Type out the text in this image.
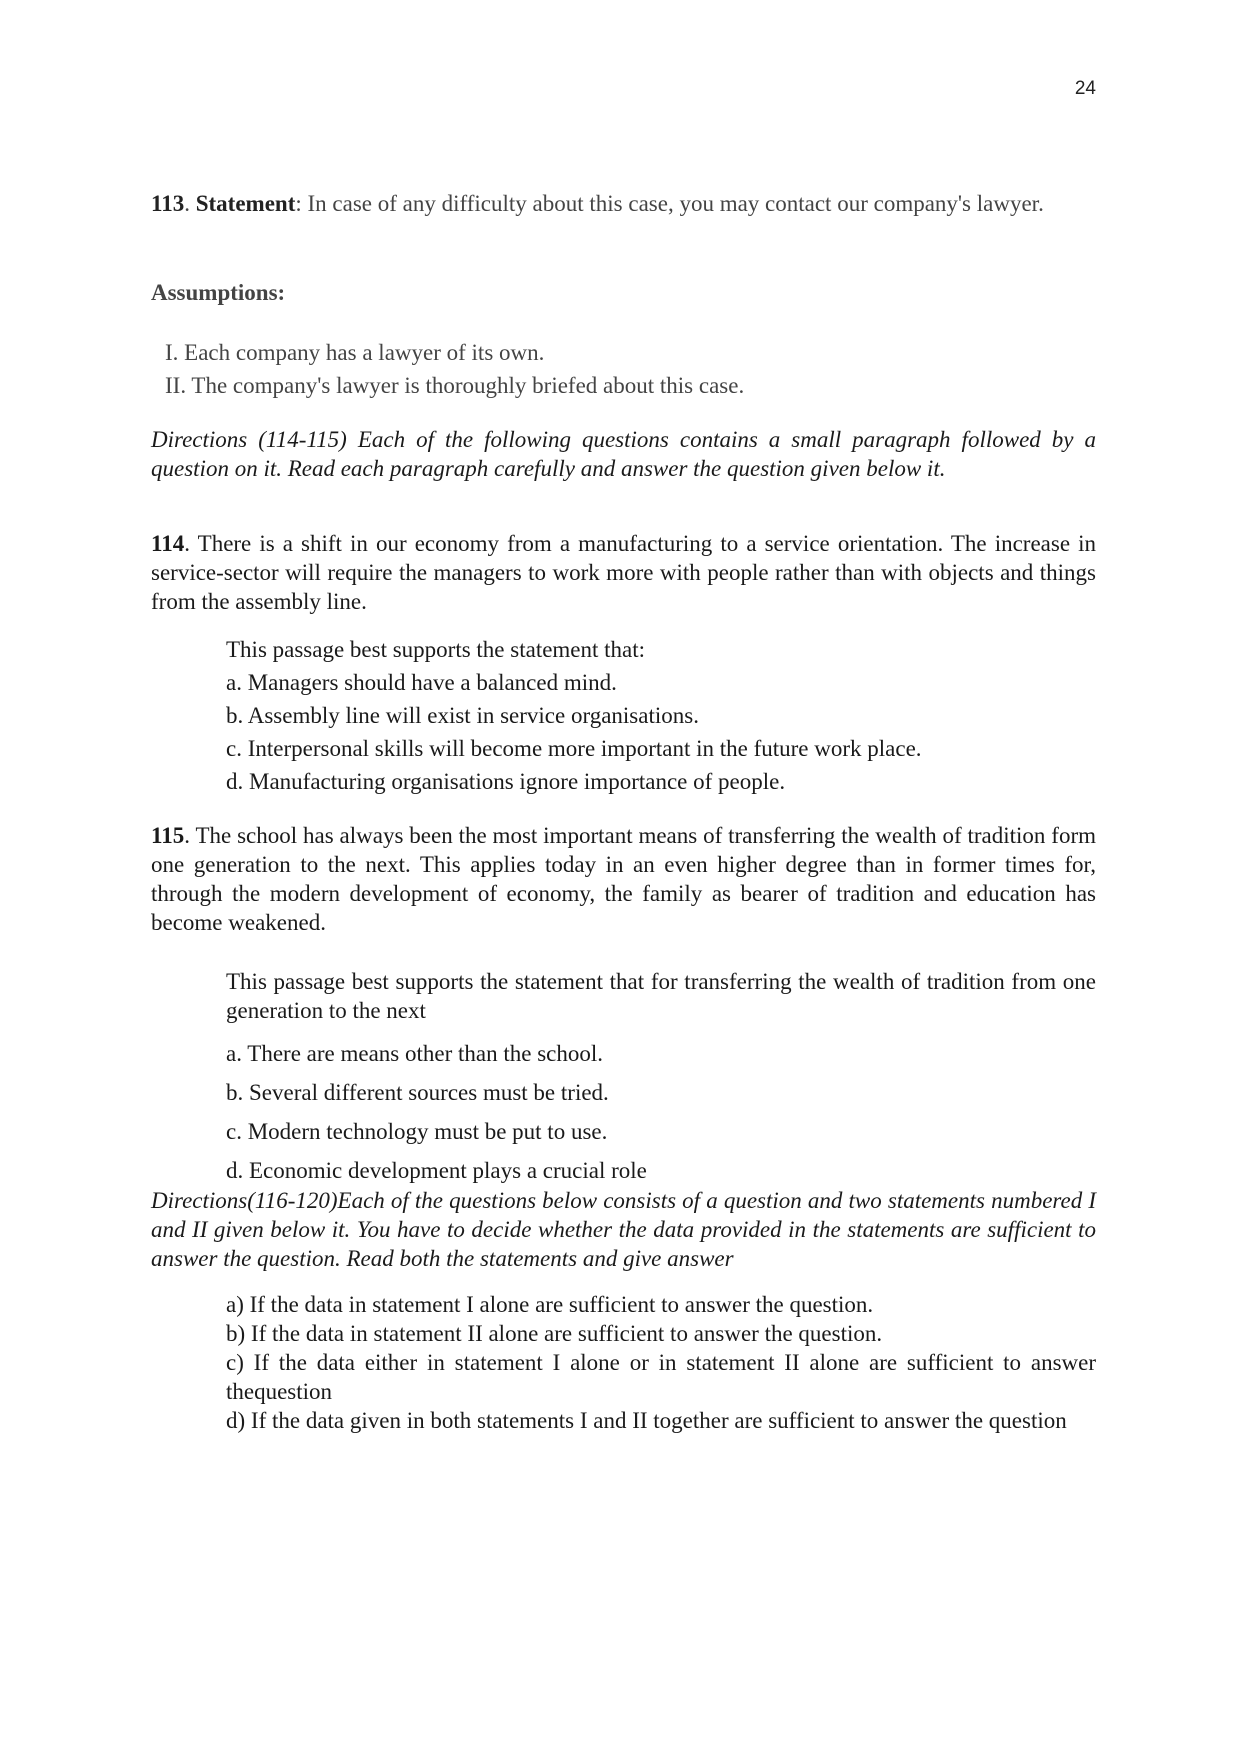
24
113. Statement: In case of any difficulty about this case, you may contact our company's lawyer.
Assumptions:
I. Each company has a lawyer of its own.
II. The company's lawyer is thoroughly briefed about this case.
Directions (114-115) Each of the following questions contains a small paragraph followed by a question on it. Read each paragraph carefully and answer the question given below it.
114. There is a shift in our economy from a manufacturing to a service orientation. The increase in service-sector will require the managers to work more with people rather than with objects and things from the assembly line.
This passage best supports the statement that:
a. Managers should have a balanced mind.
b. Assembly line will exist in service organisations.
c. Interpersonal skills will become more important in the future work place.
d. Manufacturing organisations ignore importance of people.
115. The school has always been the most important means of transferring the wealth of tradition form one generation to the next. This applies today in an even higher degree than in former times for, through the modern development of economy, the family as bearer of tradition and education has become weakened.
This passage best supports the statement that for transferring the wealth of tradition from one generation to the next
a. There are means other than the school.
b. Several different sources must be tried.
c. Modern technology must be put to use.
d. Economic development plays a crucial role
Directions(116-120)Each of the questions below consists of a question and two statements numbered I and II given below it. You have to decide whether the data provided in the statements are sufficient to answer the question. Read both the statements and give answer
a) If the data in statement I alone are sufficient to answer the question.
b) If the data in statement II alone are sufficient to answer the question.
c) If the data either in statement I alone or in statement II alone are sufficient to answer thequestion
d) If the data given in both statements I and II together are sufficient to answer the question
